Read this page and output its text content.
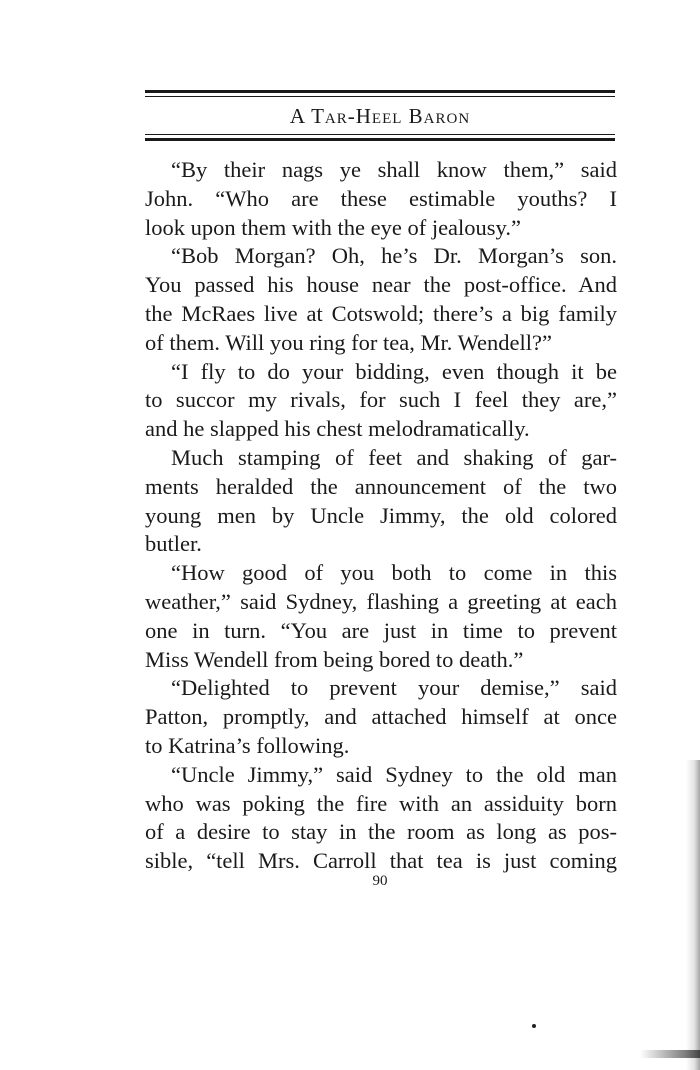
A Tar-Heel Baron
“By their nags ye shall know them,” said
John. “Who are these estimable youths? I
look upon them with the eye of jealousy.”
“Bob Morgan? Oh, he’s Dr. Morgan’s son.
You passed his house near the post-office. And
the McRaes live at Cotswold; there’s a big family
of them. Will you ring for tea, Mr. Wendell?”
“I fly to do your bidding, even though it be
to succor my rivals, for such I feel they are,”
and he slapped his chest melodramatically.
Much stamping of feet and shaking of gar-
ments heralded the announcement of the two
young men by Uncle Jimmy, the old colored
butler.
“How good of you both to come in this
weather,” said Sydney, flashing a greeting at each
one in turn. “You are just in time to prevent
Miss Wendell from being bored to death.”
“Delighted to prevent your demise,” said
Patton, promptly, and attached himself at once
to Katrina’s following.
“Uncle Jimmy,” said Sydney to the old man
who was poking the fire with an assiduity born
of a desire to stay in the room as long as pos-
sible, “tell Mrs. Carroll that tea is just coming
90
